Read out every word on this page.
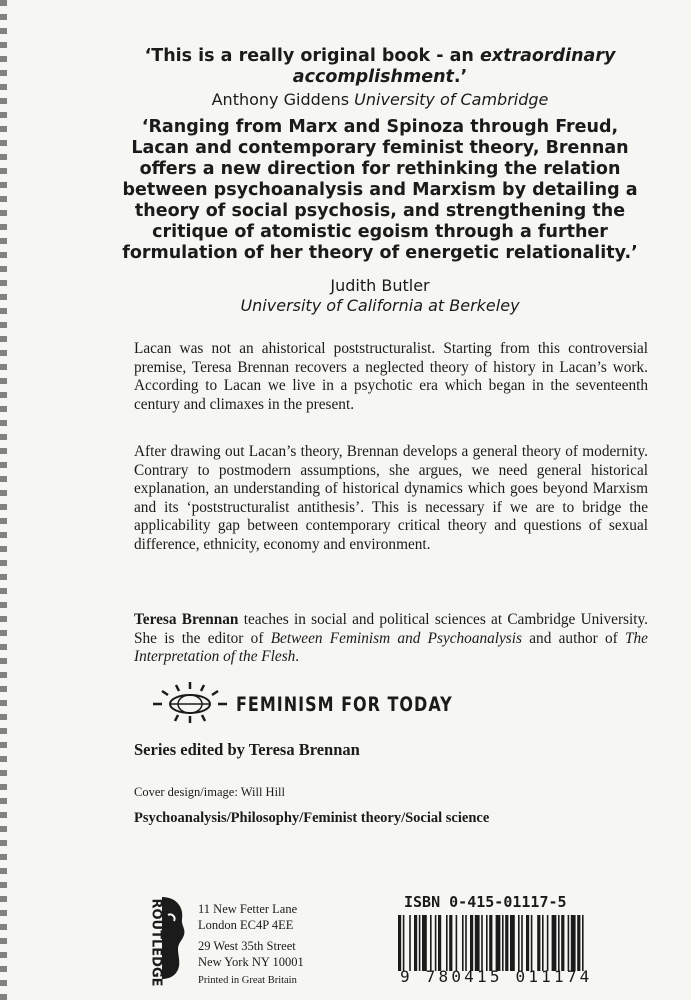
‘This is a really original book - an extraordinary accomplishment.’
Anthony Giddens University of Cambridge
‘Ranging from Marx and Spinoza through Freud, Lacan and contemporary feminist theory, Brennan offers a new direction for rethinking the relation between psychoanalysis and Marxism by detailing a theory of social psychosis, and strengthening the critique of atomistic egoism through a further formulation of her theory of energetic relationality.’
Judith Butler
University of California at Berkeley
Lacan was not an ahistorical poststructuralist. Starting from this controversial premise, Teresa Brennan recovers a neglected theory of history in Lacan’s work. According to Lacan we live in a psychotic era which began in the seventeenth century and climaxes in the present.
After drawing out Lacan’s theory, Brennan develops a general theory of modernity. Contrary to postmodern assumptions, she argues, we need general historical explanation, an understanding of historical dynamics which goes beyond Marxism and its ‘poststructuralist antithesis’. This is necessary if we are to bridge the applicability gap between contemporary critical theory and questions of sexual difference, ethnicity, economy and environment.
Teresa Brennan teaches in social and political sciences at Cambridge University. She is the editor of Between Feminism and Psychoanalysis and author of The Interpretation of the Flesh.
FEMINISM FOR TODAY
Series edited by Teresa Brennan
Cover design/image: Will Hill
Psychoanalysis/Philosophy/Feminist theory/Social science
ROUTLEDGE	11 New Fetter Lane
London EC4P 4EE
29 West 35th Street
New York NY 10001
Printed in Great Britain
ISBN 0-415-01117-5
9 780415 011174
